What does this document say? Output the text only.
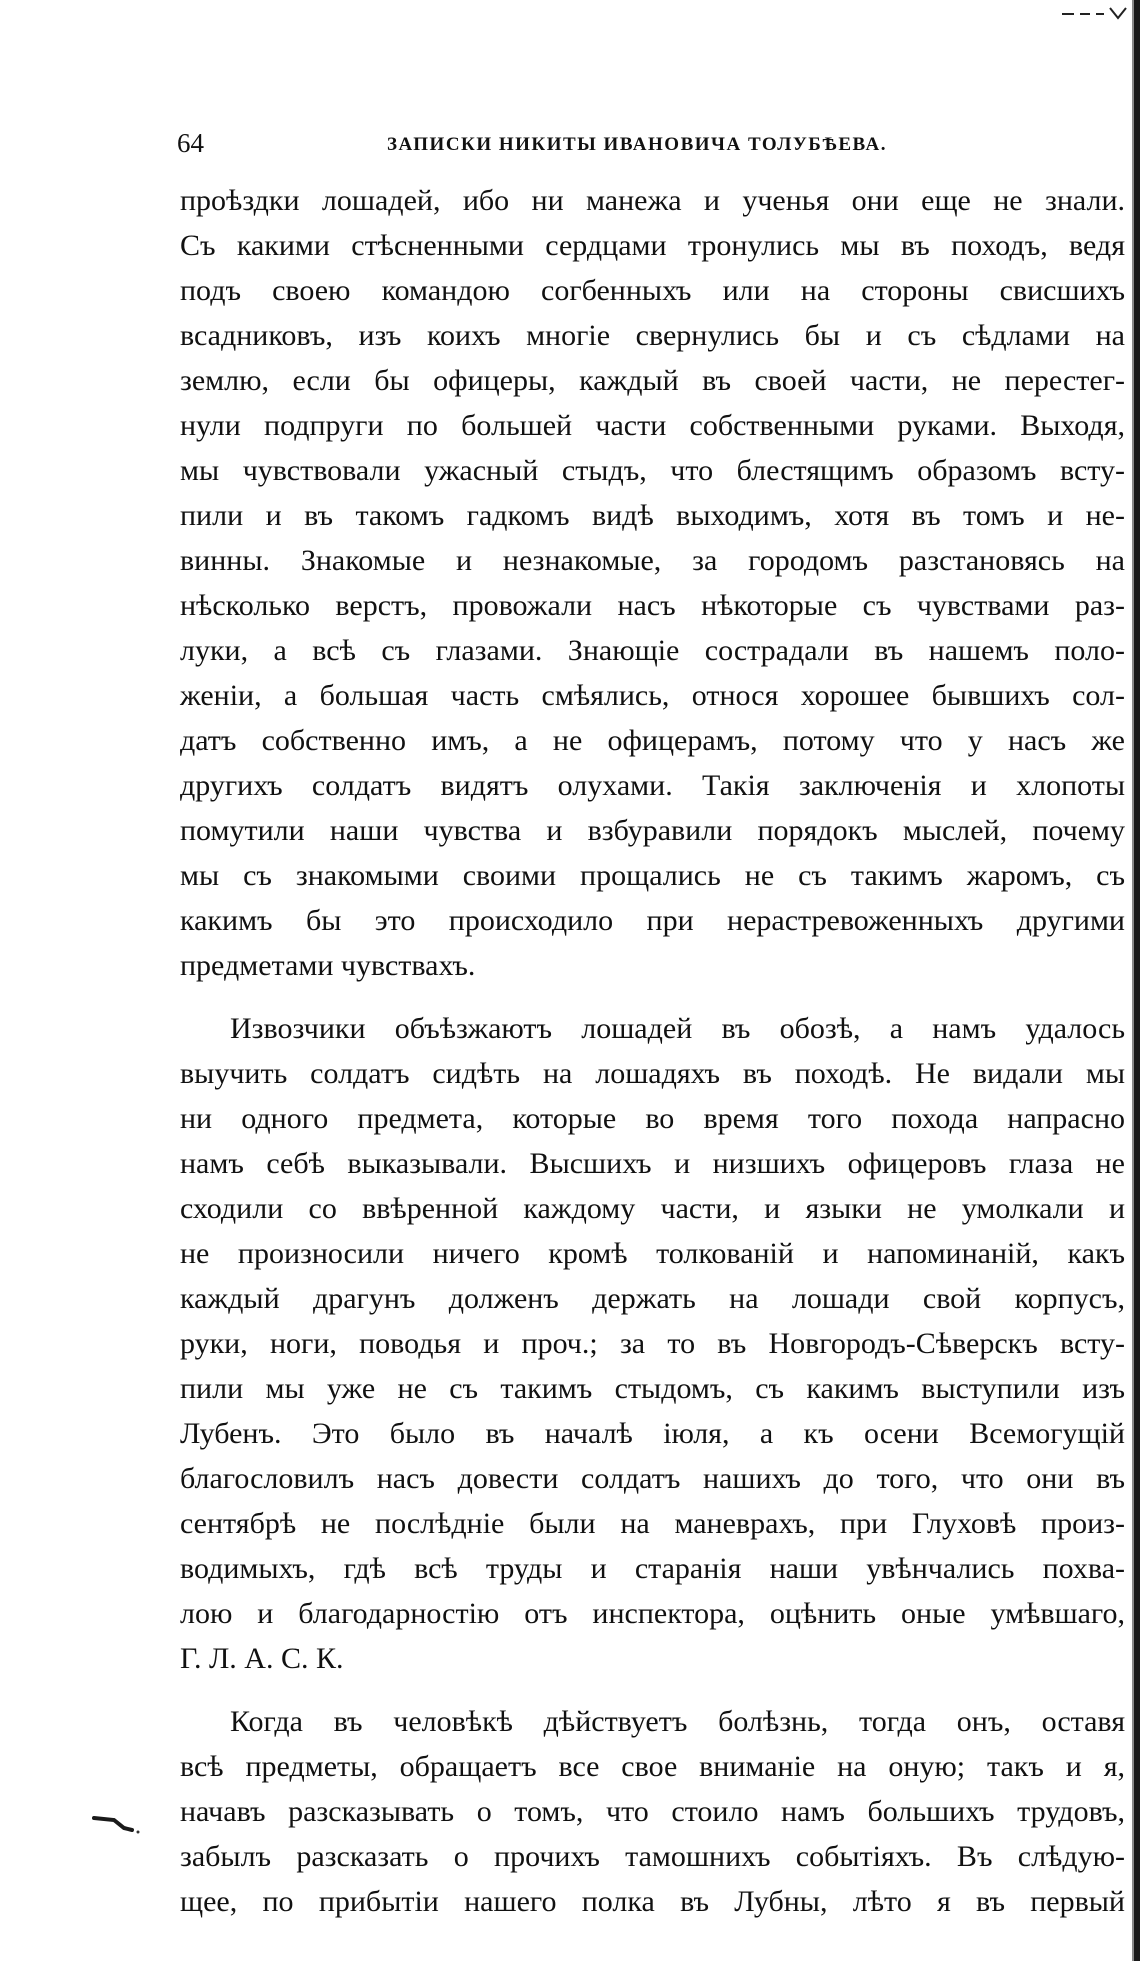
64	ЗАПИСКИ НИКИТЫ ИВАНОВИЧА ТОЛУБѢЕВА.
проѣздки лошадей, ибо ни манежа и ученья они еще не знали.
Съ какими стѣсненными сердцами тронулись мы въ походъ, ведя
подъ своею командою согбенныхъ или на стороны свисшихъ
всадниковъ, изъ коихъ многіе свернулись бы и съ сѣдлами на
землю, если бы офицеры, каждый въ своей части, не перестег-
нули подпруги по большей части собственными руками. Выходя,
мы чувствовали ужасный стыдъ, что блестящимъ образомъ всту-
пили и въ такомъ гадкомъ видѣ выходимъ, хотя въ томъ и не-
винны. Знакомые и незнакомые, за городомъ разстановясь на
нѣсколько верстъ, провожали насъ нѣкоторые съ чувствами раз-
луки, а всѣ съ глазами. Знающіе сострадали въ нашемъ поло-
женіи, а большая часть смѣялись, относя хорошее бывшихъ сол-
датъ собственно имъ, а не офицерамъ, потому что у насъ же
другихъ солдатъ видятъ олухами. Такія заключенія и хлопоты
помутили наши чувства и взбуравили порядокъ мыслей, почему
мы съ знакомыми своими прощались не съ такимъ жаромъ, съ
какимъ бы это происходило при нерастревоженныхъ другими
предметами чувствахъ.
Извозчики объѣзжаютъ лошадей въ обозѣ, а намъ удалось
выучить солдатъ сидѣть на лошадяхъ въ походѣ. Не видали мы
ни одного предмета, которые во время того похода напрасно
намъ себѣ выказывали. Высшихъ и низшихъ офицеровъ глаза не
сходили со ввѣренной каждому части, и языки не умолкали и
не произносили ничего кромѣ толкованій и напоминаній, какъ
каждый драгунъ долженъ держать на лошади свой корпусъ,
руки, ноги, поводья и проч.; за то въ Новгородъ-Сѣверскъ всту-
пили мы уже не съ такимъ стыдомъ, съ какимъ выступили изъ
Лубенъ. Это было въ началѣ іюля, а къ осени Всемогущій
благословилъ насъ довести солдатъ нашихъ до того, что они въ
сентябрѣ не послѣдніе были на маневрахъ, при Глуховѣ произ-
водимыхъ, гдѣ всѣ труды и старанія наши увѣнчались похва-
лою и благодарностію отъ инспектора, оцѣнить оные умѣвшаго,
Г. Л. А. С. К.
Когда въ человѣкѣ дѣйствуетъ болѣзнь, тогда онъ, оставя
всѣ предметы, обращаетъ все свое вниманіе на оную; такъ и я,
начавъ разсказывать о томъ, что стоило намъ большихъ трудовъ,
забылъ разсказать о прочихъ тамошнихъ событіяхъ. Въ слѣдую-
щее, по прибытіи нашего полка въ Лубны, лѣто я въ первый
